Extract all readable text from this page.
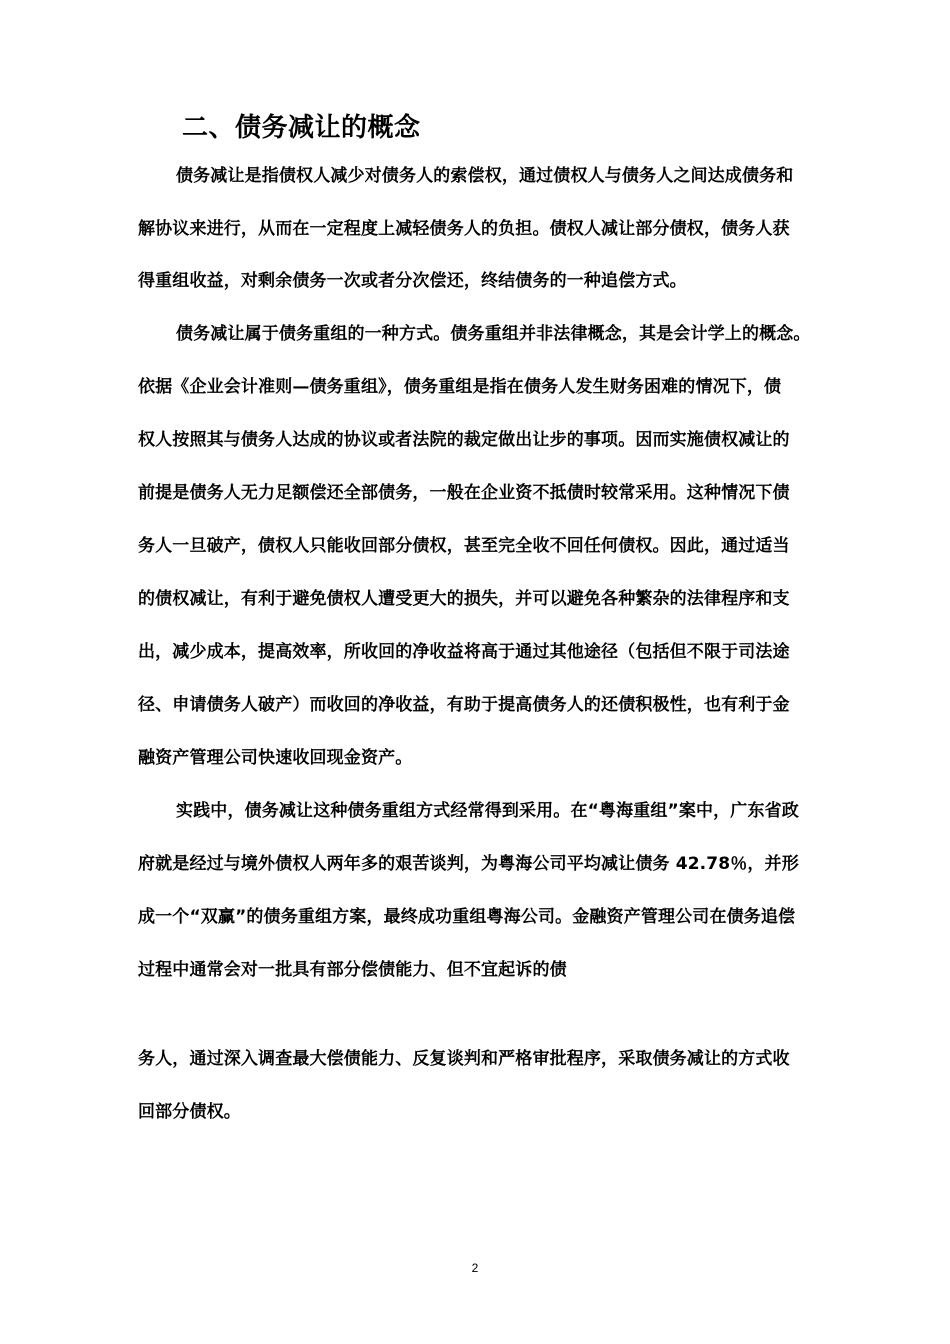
二、债务减让的概念

债务减让是指债权人减少对债务人的索偿权，通过债权人与债务人之间达成债务和

解协议来进行，从而在一定程度上减轻债务人的负担。债权人减让部分债权，债务人获

得重组收益，对剩余债务一次或者分次偿还，终结债务的一种追偿方式。

债务减让属于债务重组的一种方式。债务重组并非法律概念，其是会计学上的概念。

依据《企业会计准则—债务重组》，债务重组是指在债务人发生财务困难的情况下，债

权人按照其与债务人达成的协议或者法院的裁定做出让步的事项。因而实施债权减让的

前提是债务人无力足额偿还全部债务，一般在企业资不抵债时较常采用。这种情况下债

务人一旦破产，债权人只能收回部分债权，甚至完全收不回任何债权。因此，通过适当

的债权减让，有利于避免债权人遭受更大的损失，并可以避免各种繁杂的法律程序和支

出，减少成本，提高效率，所收回的净收益将高于通过其他途径（包括但不限于司法途

径、申请债务人破产）而收回的净收益，有助于提高债务人的还债积极性，也有利于金

融资产管理公司快速收回现金资产。

实践中，债务减让这种债务重组方式经常得到采用。在“粤海重组”案中，广东省政

府就是经过与境外债权人两年多的艰苦谈判，为粤海公司平均减让债务 42.78％，并形

成一个“双赢”的债务重组方案，最终成功重组粤海公司。金融资产管理公司在债务追偿

过程中通常会对一批具有部分偿债能力、但不宜起诉的债

务人，通过深入调查最大偿债能力、反复谈判和严格审批程序，采取债务减让的方式收

回部分债权。

2
